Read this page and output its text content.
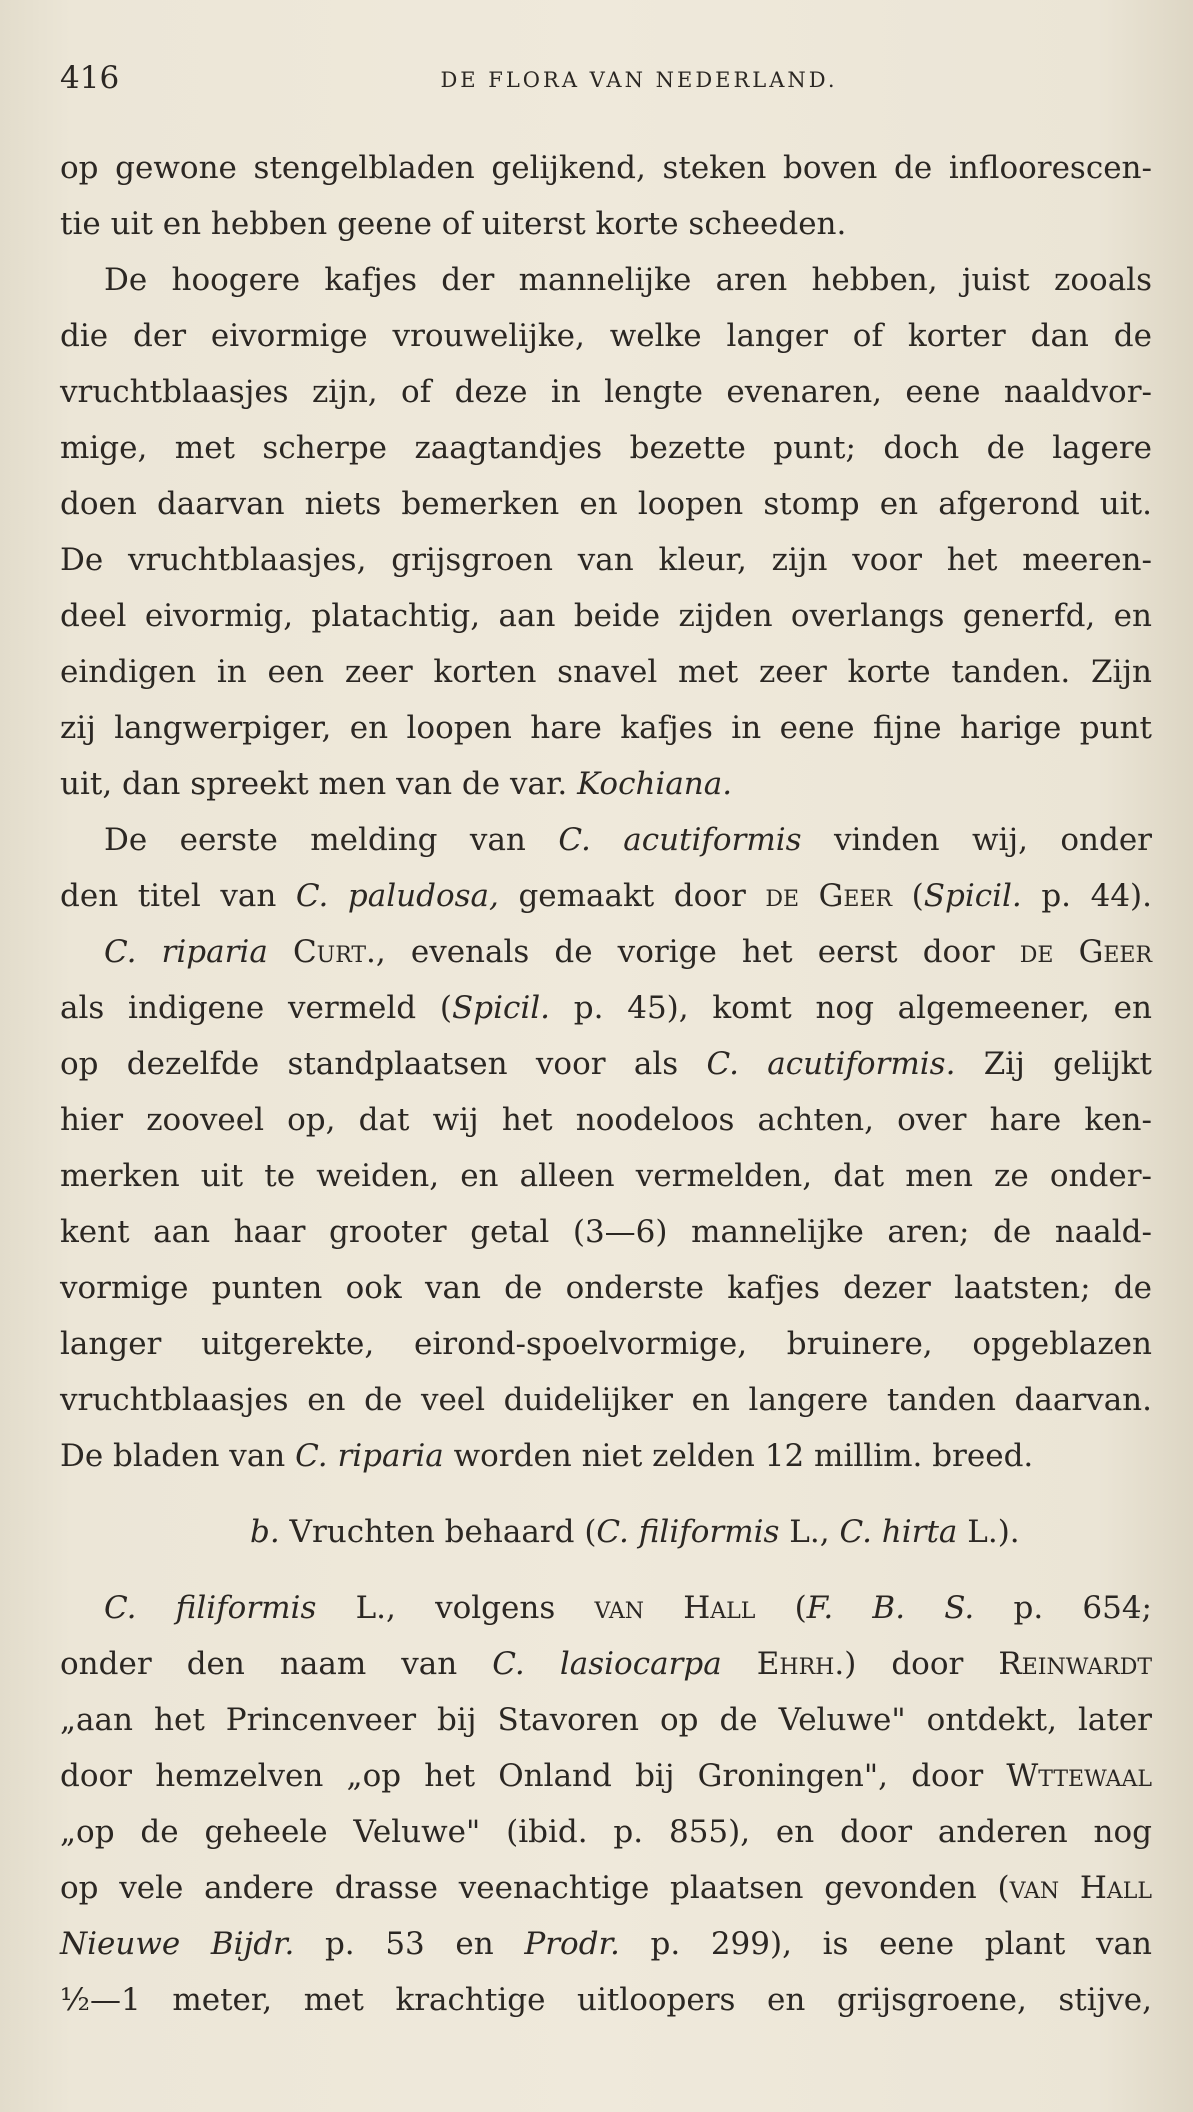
416	DE FLORA VAN NEDERLAND.
op gewone stengelbladen gelijkend, steken boven de infloorescen-
tie uit en hebben geene of uiterst korte scheeden.
De hoogere kafjes der mannelijke aren hebben, juist zooals
die der eivormige vrouwelijke, welke langer of korter dan de
vruchtblaasjes zijn, of deze in lengte evenaren, eene naaldvor-
mige, met scherpe zaagtandjes bezette punt; doch de lagere
doen daarvan niets bemerken en loopen stomp en afgerond uit.
De vruchtblaasjes, grijsgroen van kleur, zijn voor het meeren-
deel eivormig, platachtig, aan beide zijden overlangs generfd, en
eindigen in een zeer korten snavel met zeer korte tanden. Zijn
zij langwerpiger, en loopen hare kafjes in eene fijne harige punt
uit, dan spreekt men van de var. Kochiana.
De eerste melding van C. acutiformis vinden wij, onder
den titel van C. paludosa, gemaakt door de Geer (Spicil. p. 44).
C. riparia Curt., evenals de vorige het eerst door de Geer
als indigene vermeld (Spicil. p. 45), komt nog algemeener, en
op dezelfde standplaatsen voor als C. acutiformis. Zij gelijkt
hier zooveel op, dat wij het noodeloos achten, over hare ken-
merken uit te weiden, en alleen vermelden, dat men ze onder-
kent aan haar grooter getal (3—6) mannelijke aren; de naald-
vormige punten ook van de onderste kafjes dezer laatsten; de
langer uitgerekte, eirond-spoelvormige, bruinere, opgeblazen
vruchtblaasjes en de veel duidelijker en langere tanden daarvan.
De bladen van C. riparia worden niet zelden 12 millim. breed.
b. Vruchten behaard (C. filiformis L., C. hirta L.).
C. filiformis L., volgens van Hall (F. B. S. p. 654;
onder den naam van C. lasiocarpa Ehrh.) door Reinwardt
„aan het Princenveer bij Stavoren op de Veluwe" ontdekt, later
door hemzelven „op het Onland bij Groningen", door Wttewaal
„op de geheele Veluwe" (ibid. p. 855), en door anderen nog
op vele andere drasse veenachtige plaatsen gevonden (van Hall
Nieuwe Bijdr. p. 53 en Prodr. p. 299), is eene plant van
½—1 meter, met krachtige uitloopers en grijsgroene, stijve,
